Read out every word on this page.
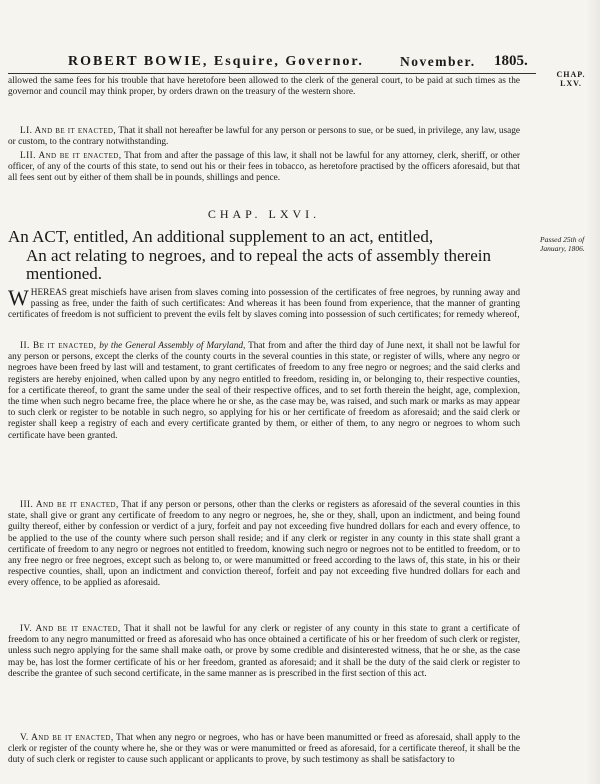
ROBERT BOWIE, Esquire, Governor.	November. 1805.
CHAP. LXV.
allowed the same fees for his trouble that have heretofore been allowed to the clerk of the general court, to be paid at such times as the governor and council may think proper, by orders drawn on the treasury of the western shore.
LI. And be it enacted, That it shall not hereafter be lawful for any person or persons to sue, or be sued, in privilege, any law, usage or custom, to the contrary notwithstanding.
LII. And be it enacted, That from and after the passage of this law, it shall not be lawful for any attorney, clerk, sheriff, or other officer, of any of the courts of this state, to send out his or their fees in tobacco, as heretofore practised by the officers aforesaid, but that all fees sent out by either of them shall be in pounds, shillings and pence.
CHAP. LXVI.
An ACT, entitled, An additional supplement to an act, entitled,
An act relating to negroes, and to repeal the acts of assembly therein mentioned.
Passed 25th of January, 1806.
W HEREAS great mischiefs have arisen from slaves coming into possession of the certificates of free negroes, by running away and passing as free, under the faith of such certificates: And whereas it has been found from experience, that the manner of granting certificates of freedom is not sufficient to prevent the evils felt by slaves coming into possession of such certificates; for remedy whereof,
II. Be it enacted, by the General Assembly of Maryland, That from and after the third day of June next, it shall not be lawful for any person or persons, except the clerks of the county courts in the several counties in this state, or register of wills, where any negro or negroes have been freed by last will and testament, to grant certificates of freedom to any free negro or negroes; and the said clerks and registers are hereby enjoined, when called upon by any negro entitled to freedom, residing in, or belonging to, their respective counties, for a certificate thereof, to grant the same under the seal of their respective offices, and to set forth therein the height, age, complexion, the time when such negro became free, the place where he or she, as the case may be, was raised, and such mark or marks as may appear to such clerk or register to be notable in such negro, so applying for his or her certificate of freedom as aforesaid; and the said clerk or register shall keep a registry of each and every certificate granted by them, or either of them, to any negro or negroes to whom such certificate have been granted.
III. And be it enacted, That if any person or persons, other than the clerks or registers as aforesaid of the several counties in this state, shall give or grant any certificate of freedom to any negro or negroes, he, she or they, shall, upon an indictment, and being found guilty thereof, either by confession or verdict of a jury, forfeit and pay not exceeding five hundred dollars for each and every offence, to be applied to the use of the county where such person shall reside; and if any clerk or register in any county in this state shall grant a certificate of freedom to any negro or negroes not entitled to freedom, knowing such negro or negroes not to be entitled to freedom, or to any free negro or free negroes, except such as belong to, or were manumitted or freed according to the laws of, this state, in his or their respective counties, shall, upon an indictment and conviction thereof, forfeit and pay not exceeding five hundred dollars for each and every offence, to be applied as aforesaid.
IV. And be it enacted, That it shall not be lawful for any clerk or register of any county in this state to grant a certificate of freedom to any negro manumitted or freed as aforesaid who has once obtained a certificate of his or her freedom of such clerk or register, unless such negro applying for the same shall make oath, or prove by some credible and disinterested witness, that he or she, as the case may be, has lost the former certificate of his or her freedom, granted as aforesaid; and it shall be the duty of the said clerk or register to describe the grantee of such second certificate, in the same manner as is prescribed in the first section of this act.
V. And be it enacted, That when any negro or negroes, who has or have been manumitted or freed as aforesaid, shall apply to the clerk or register of the county where he, she or they was or were manumitted or freed as aforesaid, for a certificate thereof, it shall be the duty of such clerk or register to cause such applicant or applicants to prove, by such testimony as shall be satisfactory to
